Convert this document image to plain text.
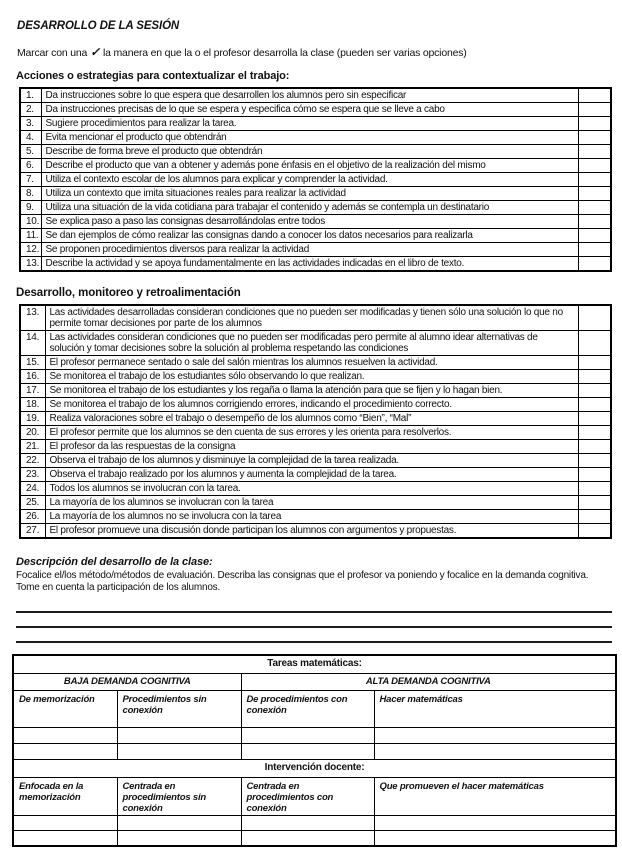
DESARROLLO DE LA SESIÓN

Marcar con una ✓ la manera en que la o el profesor desarrolla la clase (pueden ser varias opciones)

Acciones o estrategias para contextualizar el trabajo:
1.	Da instrucciones sobre lo que espera que desarrollen los alumnos pero sin especificar	
2.	Da instrucciones precisas de lo que se espera y especifica cómo se espera que se lleve a cabo	
3.	Sugiere procedimientos para realizar la tarea.	
4.	Evita mencionar el producto que obtendrán	
5.	Describe de forma breve el producto que obtendrán	
6.	Describe el producto que van a obtener y además pone énfasis en el objetivo de la realización del mismo	
7.	Utiliza el contexto escolar de los alumnos para explicar y comprender la actividad.	
8.	Utiliza un contexto que imita situaciones reales para realizar la actividad	
9.	Utiliza una situación de la vida cotidiana para trabajar el contenido y además se contempla un destinatario	
10.	Se explica paso a paso las consignas desarrollándolas entre todos	
11.	Se dan ejemplos de cómo realizar las consignas dando a conocer los datos necesarios para realizarla	
12.	Se proponen procedimientos diversos para realizar la actividad	
13.	Describe la actividad y se apoya fundamentalmente en las actividades indicadas en el libro de texto.	
Desarrollo, monitoreo y retroalimentación
13.	Las actividades desarrolladas consideran condiciones que no pueden ser modificadas y tienen sólo una solución lo que no permite tomar decisiones por parte de los alumnos	
14.	Las actividades consideran condiciones que no pueden ser modificadas pero permite al alumno idear alternativas de solución y tomar decisiones sobre la solución al problema respetando las condiciones	
15.	El profesor permanece sentado o sale del salón mientras los alumnos resuelven la actividad.	
16.	Se monitorea el trabajo de los estudiantes sólo observando lo que realizan.	
17.	Se monitorea el trabajo de los estudiantes y los regaña o llama la atención para que se fijen y lo hagan bien.	
18.	Se monitorea el trabajo de los alumnos corrigiendo errores, indicando el procedimiento correcto.	
19.	Realiza valoraciones sobre el trabajo o desempeño de los alumnos como “Bien”, “Mal”	
20.	El profesor permite que los alumnos se den cuenta de sus errores y les orienta para resolverlos.	
21.	El profesor da las respuestas de la consigna	
22.	Observa el trabajo de los alumnos y disminuye la complejidad de la tarea realizada.	
23.	Observa el trabajo realizado por los alumnos y aumenta la complejidad de la tarea.	
24.	Todos los alumnos se involucran con la tarea.	
25.	La mayoría de los alumnos se involucran con la tarea	
26.	La mayoría de los alumnos no se involucra con la tarea	
27.	El profesor promueve una discusión donde participan los alumnos con argumentos y propuestas.	
Descripción del desarrollo de la clase:

Focalice el/los método/métodos de evaluación. Describa las consignas que el profesor va poniendo y focalice en la demanda cognitiva. Tome en cuenta la participación de los alumnos.

Tareas matemáticas:			
BAJA DEMANDA COGNITIVA		ALTA DEMANDA COGNITIVA	
De memorización	Procedimientos sin conexión	De procedimientos con conexión	Hacer matemáticas

Intervención docente:			
Enfocada en la memorización	Centrada en procedimientos sin conexión	Centrada en procedimientos con conexión	Que promueven el hacer matemáticas
